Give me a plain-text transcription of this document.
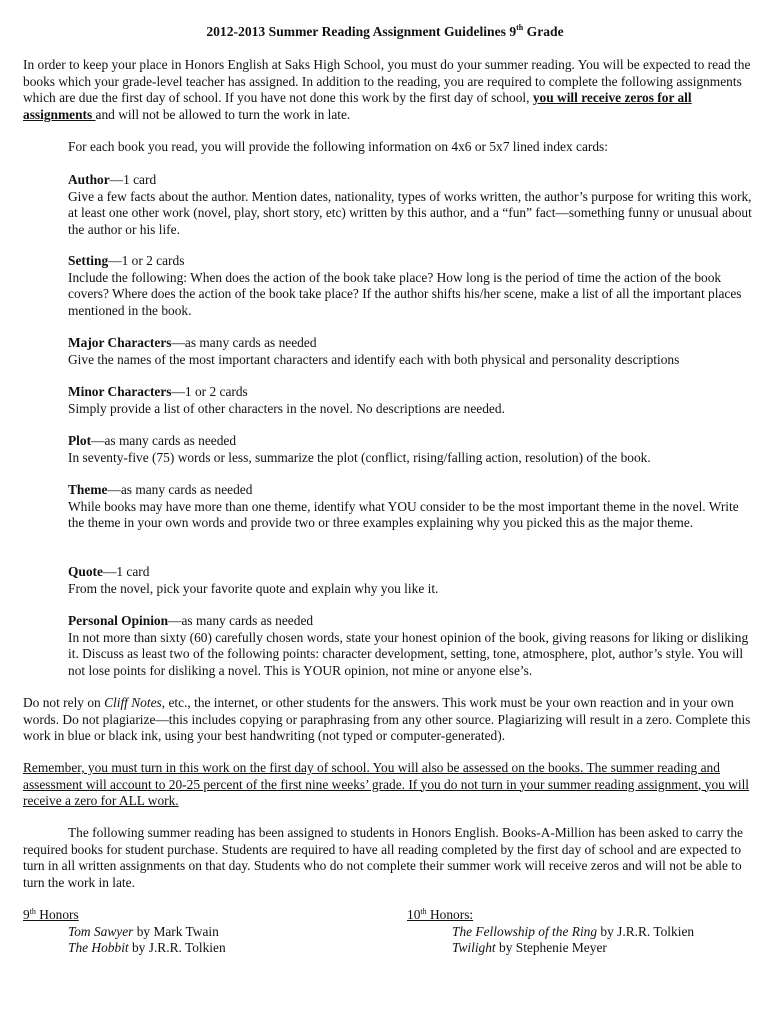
2012-2013 Summer Reading Assignment Guidelines 9th Grade

In order to keep your place in Honors English at Saks High School, you must do your summer reading. You will be expected to read the books which your grade-level teacher has assigned. In addition to the reading, you are required to complete the following assignments which are due the first day of school. If you have not done this work by the first day of school, you will receive zeros for all assignments and will not be allowed to turn the work in late.

For each book you read, you will provide the following information on 4x6 or 5x7 lined index cards:

Author—1 card
Give a few facts about the author. Mention dates, nationality, types of works written, the author’s purpose for writing this work, at least one other work (novel, play, short story, etc) written by this author, and a “fun” fact—something funny or unusual about the author or his life.
Setting—1 or 2 cards
Include the following: When does the action of the book take place? How long is the period of time the action of the book covers? Where does the action of the book take place? If the author shifts his/her scene, make a list of all the important places mentioned in the book.
Major Characters—as many cards as needed
Give the names of the most important characters and identify each with both physical and personality descriptions
Minor Characters—1 or 2 cards
Simply provide a list of other characters in the novel. No descriptions are needed.
Plot—as many cards as needed
In seventy-five (75) words or less, summarize the plot (conflict, rising/falling action, resolution) of the book.
Theme—as many cards as needed
While books may have more than one theme, identify what YOU consider to be the most important theme in the novel. Write the theme in your own words and provide two or three examples explaining why you picked this as the major theme.
Quote—1 card
From the novel, pick your favorite quote and explain why you like it.
Personal Opinion—as many cards as needed
In not more than sixty (60) carefully chosen words, state your honest opinion of the book, giving reasons for liking or disliking it. Discuss as least two of the following points: character development, setting, tone, atmosphere, plot, author’s style. You will not lose points for disliking a novel. This is YOUR opinion, not mine or anyone else’s.

Do not rely on Cliff Notes, etc., the internet, or other students for the answers. This work must be your own reaction and in your own words. Do not plagiarize—this includes copying or paraphrasing from any other source. Plagiarizing will result in a zero. Complete this work in blue or black ink, using your best handwriting (not typed or computer-generated).

Remember, you must turn in this work on the first day of school. You will also be assessed on the books. The summer reading and assessment will account to 20-25 percent of the first nine weeks’ grade. If you do not turn in your summer reading assignment, you will receive a zero for ALL work.

The following summer reading has been assigned to students in Honors English. Books-A-Million has been asked to carry the required books for student purchase. Students are required to have all reading completed by the first day of school and are expected to turn in all written assignments on that day. Students who do not complete their summer work will receive zeros and will not be able to turn the work in late.

9th Honors
Tom Sawyer by Mark Twain
The Hobbit by J.R.R. Tolkien
10th Honors:
The Fellowship of the Ring by J.R.R. Tolkien
Twilight by Stephenie Meyer
